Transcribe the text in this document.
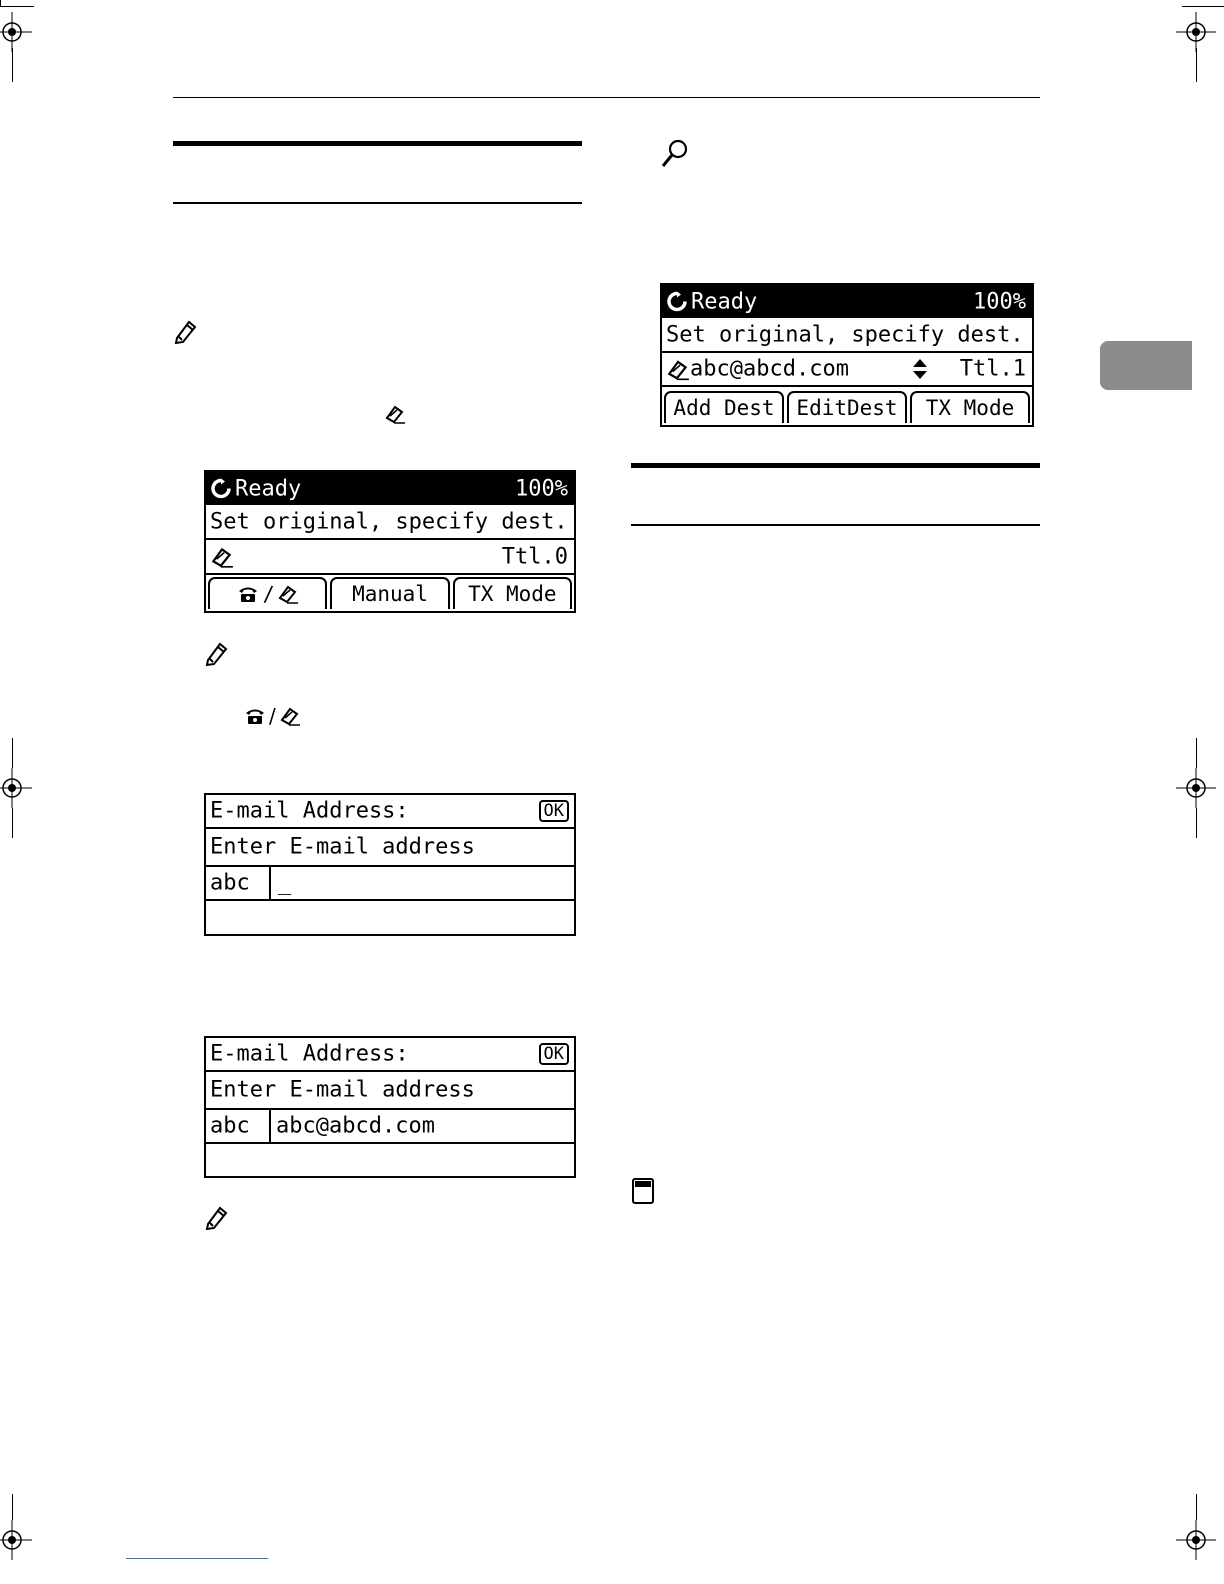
/
Ready	100%
Set original, specify dest.
Ttl.0
/	Manual	TX Mode
E-mail Address:	OK
Enter E-mail address
abc _
E-mail Address:	OK
Enter E-mail address
abc abc@abcd.com
Ready	100%
Set original, specify dest.
abc@abcd.com	Ttl.1
Add Dest	EditDest	TX Mode
